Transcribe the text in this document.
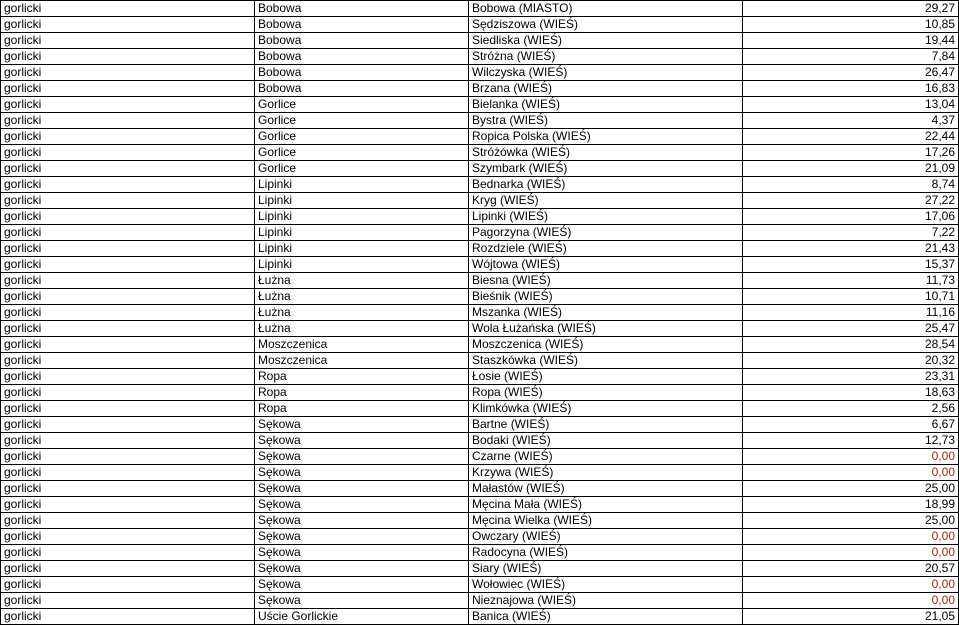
gorlicki	Bobowa	Bobowa (MIASTO)	29,27
gorlicki	Bobowa	Sędziszowa (WIEŚ)	10,85
gorlicki	Bobowa	Siedliska (WIEŚ)	19,44
gorlicki	Bobowa	Stróżna (WIEŚ)	7,84
gorlicki	Bobowa	Wilczyska (WIEŚ)	26,47
gorlicki	Bobowa	Brzana (WIEŚ)	16,83
gorlicki	Gorlice	Bielanka (WIEŚ)	13,04
gorlicki	Gorlice	Bystra (WIEŚ)	4,37
gorlicki	Gorlice	Ropica Polska (WIEŚ)	22,44
gorlicki	Gorlice	Stróżówka (WIEŚ)	17,26
gorlicki	Gorlice	Szymbark (WIEŚ)	21,09
gorlicki	Lipinki	Bednarka (WIEŚ)	8,74
gorlicki	Lipinki	Kryg (WIEŚ)	27,22
gorlicki	Lipinki	Lipinki (WIEŚ)	17,06
gorlicki	Lipinki	Pagorzyna (WIEŚ)	7,22
gorlicki	Lipinki	Rozdziele (WIEŚ)	21,43
gorlicki	Lipinki	Wójtowa (WIEŚ)	15,37
gorlicki	Łużna	Biesna (WIEŚ)	11,73
gorlicki	Łużna	Bieśnik (WIEŚ)	10,71
gorlicki	Łużna	Mszanka (WIEŚ)	11,16
gorlicki	Łużna	Wola Łużańska (WIEŚ)	25,47
gorlicki	Moszczenica	Moszczenica (WIEŚ)	28,54
gorlicki	Moszczenica	Staszkówka (WIEŚ)	20,32
gorlicki	Ropa	Łosie (WIEŚ)	23,31
gorlicki	Ropa	Ropa (WIEŚ)	18,63
gorlicki	Ropa	Klimkówka (WIEŚ)	2,56
gorlicki	Sękowa	Bartne (WIEŚ)	6,67
gorlicki	Sękowa	Bodaki (WIEŚ)	12,73
gorlicki	Sękowa	Czarne (WIEŚ)	0,00
gorlicki	Sękowa	Krzywa (WIEŚ)	0,00
gorlicki	Sękowa	Małastów (WIEŚ)	25,00
gorlicki	Sękowa	Męcina Mała (WIEŚ)	18,99
gorlicki	Sękowa	Męcina Wielka (WIEŚ)	25,00
gorlicki	Sękowa	Owczary (WIEŚ)	0,00
gorlicki	Sękowa	Radocyna (WIEŚ)	0,00
gorlicki	Sękowa	Siary (WIEŚ)	20,57
gorlicki	Sękowa	Wołowiec (WIEŚ)	0,00
gorlicki	Sękowa	Nieznajowa (WIEŚ)	0,00
gorlicki	Uście Gorlickie	Banica (WIEŚ)	21,05
